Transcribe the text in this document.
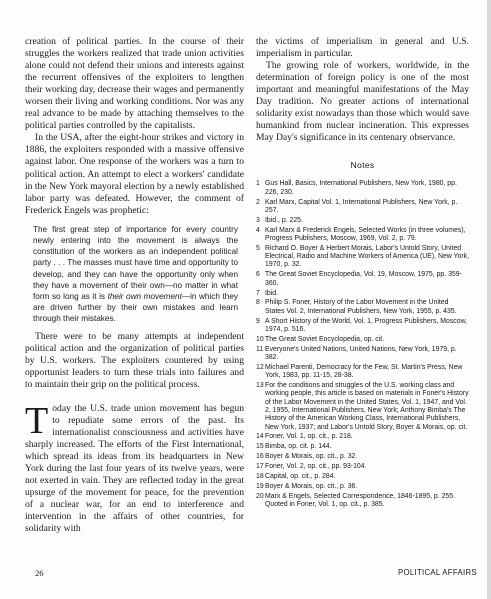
creation of political parties. In the course of their struggles the workers realized that trade union activities alone could not defend their unions and interests against the recurrent offensives of the exploiters to lengthen their working day, decrease their wages and permanently worsen their living and working conditions. Nor was any real advance to be made by attaching themselves to the political parties controlled by the capitalists.

In the USA, after the eight-hour strikes and victory in 1886, the exploiters responded with a massive offensive against labor. One response of the workers was a turn to political action. An attempt to elect a workers' candidate in the New York mayoral election by a newly established labor party was defeated. However, the comment of Frederick Engels was prophetic:

The first great step of importance for every country newly entering into the movement is always the constitution of the workers as an independent political party . . . The masses must have time and opportunity to develop, and they can have the opportunity only when they have a movement of their own—no matter in what form so long as it is their own movement—in which they are driven further by their own mistakes and learn through their mistakes.

There were to be many attempts at independent political action and the organization of political parties by U.S. workers. The exploiters countered by using opportunist leaders to turn these trials into failures and to maintain their grip on the political process.

Today the U.S. trade union movement has begun to repudiate some errors of the past. Its internationalist consciousness and activities have sharply increased. The efforts of the First International, which spread its ideas from its headquarters in New York during the last four years of its twelve years, were not exerted in vain. They are reflected today in the great upsurge of the movement for peace, for the prevention of a nuclear war, for an end to interference and intervention in the affairs of other countries, for solidarity with

the victims of imperialism in general and U.S. imperialism in particular.

The growing role of workers, worldwide, in the determination of foreign policy is one of the most important and meaningful manifestations of the May Day tradition. No greater actions of international solidarity exist nowadays than those which would save humankind from nuclear incineration. This expresses May Day's significance in its centenary observance.

Notes
1 Gus Hall, Basics, International Publishers, New York, 1980, pp. 226, 230.
2 Karl Marx, Capital Vol. 1, International Publishers, New York, p. 257.
3 Ibid., p. 225.
4 Karl Marx & Frederick Engels, Selected Works (in three volumes), Progress Publishers, Moscow, 1969, Vol. 2, p. 79.
5 Richard O. Boyer & Herbert Morais, Labor's Untold Story, United Electrical, Radio and Machine Workers of America (UE), New York, 1970, p. 32.
6 The Great Soviet Encyclopedia, Vol. 19, Moscow, 1975, pp. 359-360.
7 Ibid.
8 Philip S. Foner, History of the Labor Movement in the United States Vol. 2, International Publishers, New York, 1955, p. 435.
9 A Short History of the World, Vol. 1, Progress Publishers, Moscow, 1974, p. 516.
10 The Great Soviet Encyclopedia, op. cit.
11 Everyone's United Nations, United Nations, New York, 1979, p. 382.
12 Michael Parenti, Democracy for the Few, St. Martin's Press, New York, 1983, pp. 11-15, 28-38.
13 For the conditions and struggles of the U.S. working class and working people, this article is based on materials in Foner's History of the Labor Movement in the United States, Vol. 1, 1947, and Vol. 2, 1955, International Publishers, New York; Anthony Bimba's The History of the American Working Class, International Publishers, New York, 1937; and Labor's Untold Story, Boyer & Morais, op. cit.
14 Foner, Vol. 1, op. cit., p. 218.
15 Bimba, op. cit. p. 144.
16 Boyer & Morais, op. cit., p. 32.
17 Foner, Vol. 2, op. cit., pp. 93-104.
18 Capital, op. cit., p. 284.
19 Boyer & Morais, op. cit., p. 36.
20 Marx & Engels, Selected Correspondence, 1846-1895, p. 255. Quoted in Foner, Vol. 1, op. cit., p. 385.
26	POLITICAL AFFAIRS
